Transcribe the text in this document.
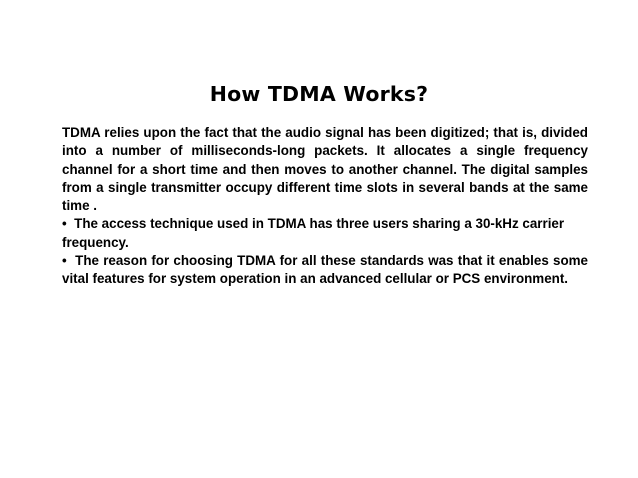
How TDMA Works?

TDMA relies upon the fact that the audio signal has been digitized; that is, divided into a number of milliseconds-long packets. It allocates a single frequency channel for a short time and then moves to another channel. The digital samples from a single transmitter occupy different time slots in several bands at the same time .

• The access technique used in TDMA has three users sharing a 30-kHz carrier frequency.

• The reason for choosing TDMA for all these standards was that it enables some vital features for system operation in an advanced cellular or PCS environment.
